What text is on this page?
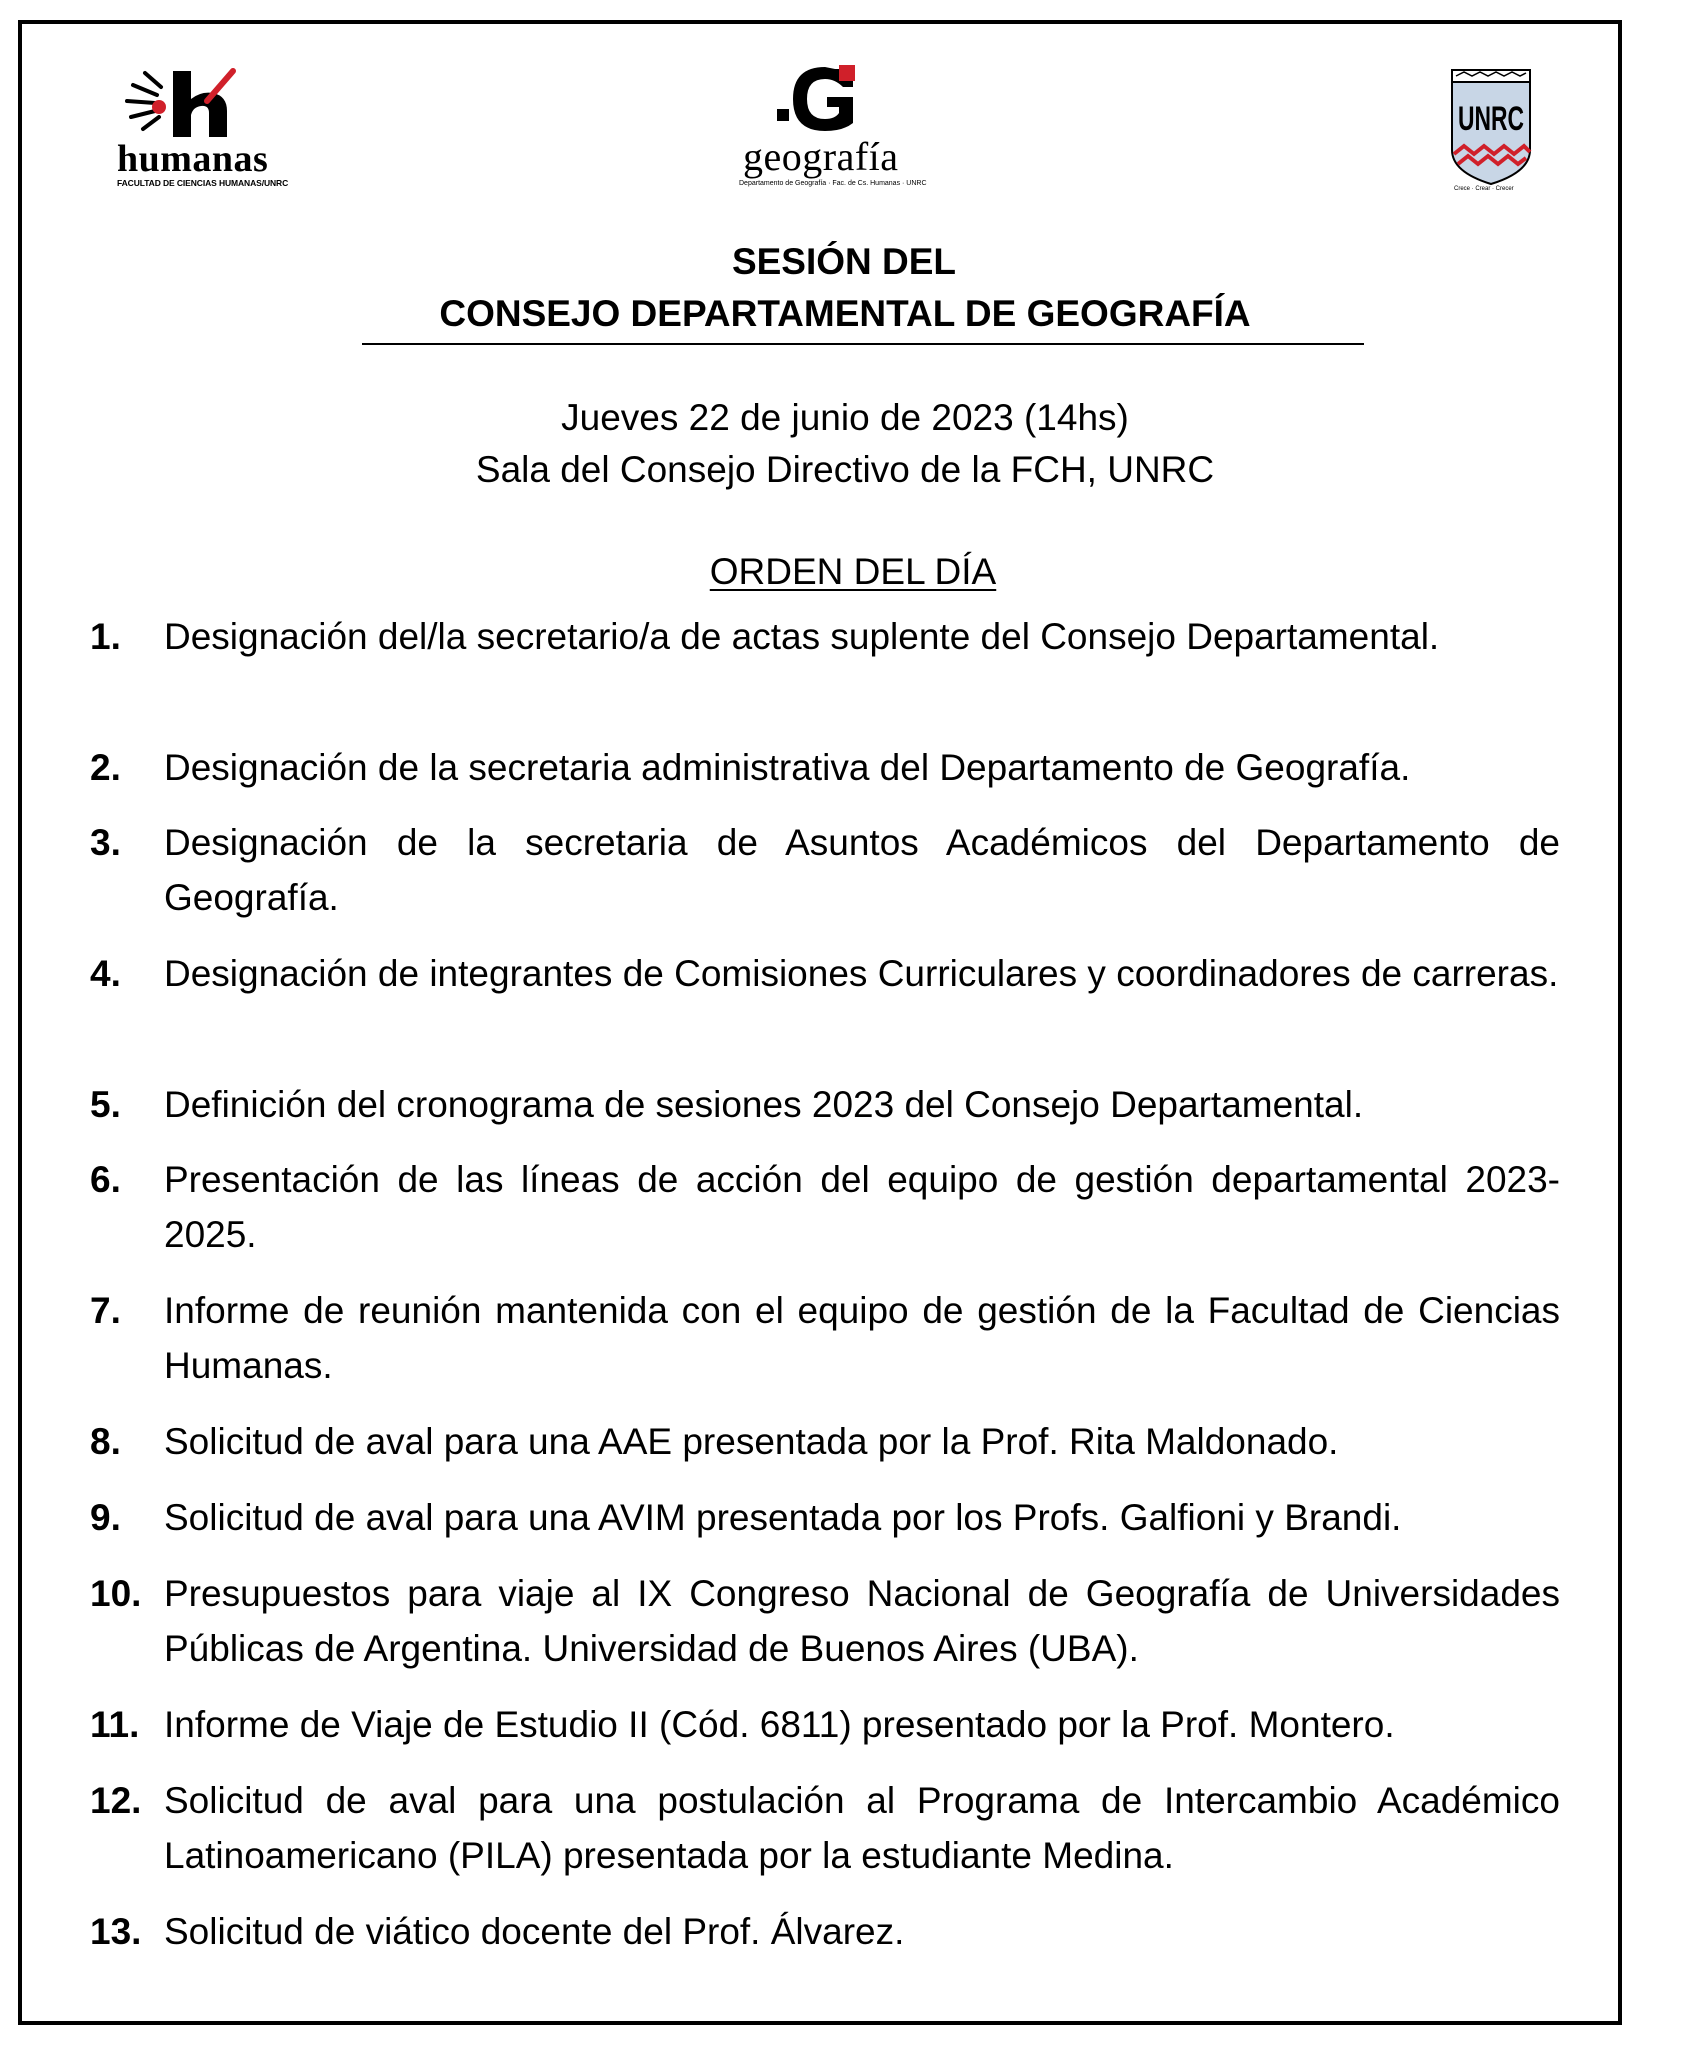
humanas
FACULTAD DE CIENCIAS HUMANAS/UNRC
geografía
Departamento de Geografía · Fac. de Cs. Humanas · UNRC
UNRC
Crece · Crear · Crecer
SESIÓN DEL
CONSEJO DEPARTAMENTAL DE GEOGRAFÍA
Jueves 22 de junio de 2023 (14hs)
Sala del Consejo Directivo de la FCH, UNRC
ORDEN DEL DÍA
1. Designación del/la secretario/a de actas suplente del Consejo Departamental.
2. Designación de la secretaria administrativa del Departamento de Geografía.
3. Designación de la secretaria de Asuntos Académicos del Departamento de Geografía.
4. Designación de integrantes de Comisiones Curriculares y coordinadores de carreras.
5. Definición del cronograma de sesiones 2023 del Consejo Departamental.
6. Presentación de las líneas de acción del equipo de gestión departamental 2023-2025.
7. Informe de reunión mantenida con el equipo de gestión de la Facultad de Ciencias Humanas.
8. Solicitud de aval para una AAE presentada por la Prof. Rita Maldonado.
9. Solicitud de aval para una AVIM presentada por los Profs. Galfioni y Brandi.
10. Presupuestos para viaje al IX Congreso Nacional de Geografía de Universidades Públicas de Argentina. Universidad de Buenos Aires (UBA).
11. Informe de Viaje de Estudio II (Cód. 6811) presentado por la Prof. Montero.
12. Solicitud de aval para una postulación al Programa de Intercambio Académico Latinoamericano (PILA) presentada por la estudiante Medina.
13. Solicitud de viático docente del Prof. Álvarez.
